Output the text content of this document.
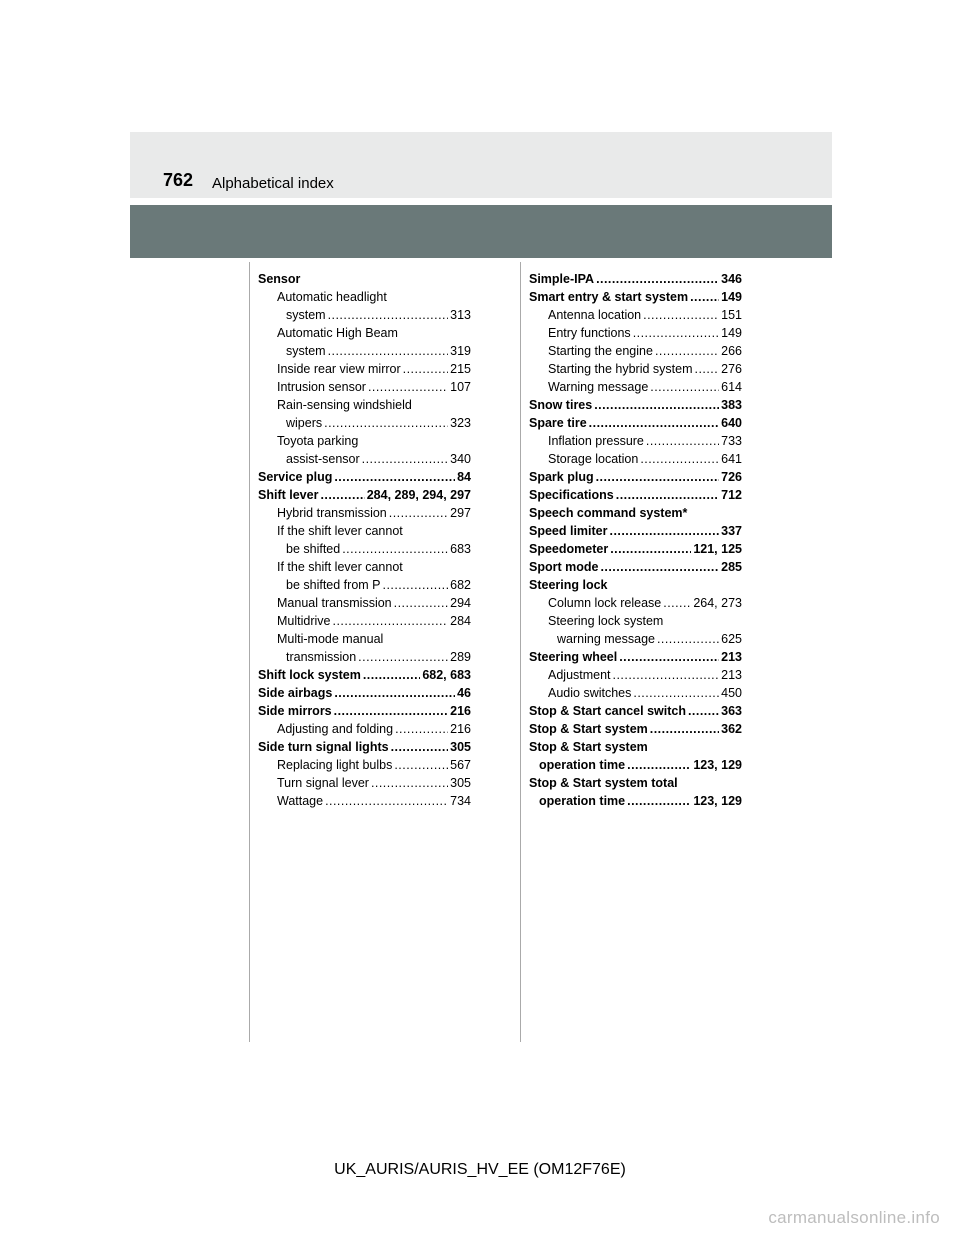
762 Alphabetical index
Sensor
Automatic headlight
system . . .	313
Automatic High Beam
system . . .	319
Inside rear view mirror . . .	215
Intrusion sensor . . .	107
Rain-sensing windshield
wipers . . .	323
Toyota parking
assist-sensor . . .	340
Service plug . . .	84
Shift lever . . .	284, 289, 294, 297
Hybrid transmission . . .	297
If the shift lever cannot
be shifted . . .	683
If the shift lever cannot
be shifted from P . . .	682
Manual transmission . . .	294
Multidrive . . .	284
Multi-mode manual
transmission . . .	289
Shift lock system . . .	682, 683
Side airbags . . .	46
Side mirrors . . .	216
Adjusting and folding . . .	216
Side turn signal lights . . .	305
Replacing light bulbs . . .	567
Turn signal lever . . .	305
Wattage . . .	734
Simple-IPA . . .	346
Smart entry & start system . . .	149
Antenna location . . .	151
Entry functions . . .	149
Starting the engine . . .	266
Starting the hybrid system . . . 276
Warning message . . .	614
Snow tires . . .	383
Spare tire . . .	640
Inflation pressure . . .	733
Storage location . . .	641
Spark plug . . .	726
Specifications . . .	712
Speech command system*
Speed limiter . . .	337
Speedometer . . .	121, 125
Sport mode . . .	285
Steering lock
Column lock release . . .	264, 273
Steering lock system
warning message . . .	625
Steering wheel . . .	213
Adjustment . . .	213
Audio switches . . .	450
Stop & Start cancel switch . . .	363
Stop & Start system . . .	362
Stop & Start system
operation time . . .	123, 129
Stop & Start system total
operation time . . .	123, 129
UK_AURIS/AURIS_HV_EE (OM12F76E)
carmanualsonline.info
